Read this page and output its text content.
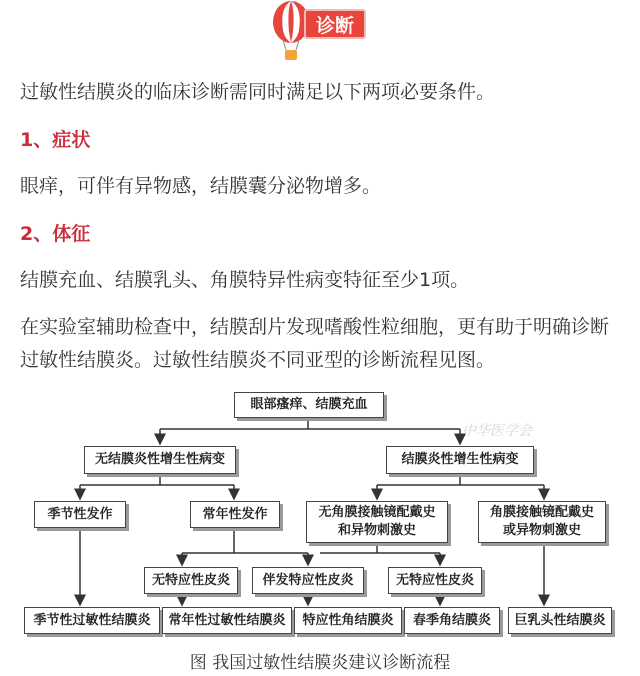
诊断

过敏性结膜炎的临床诊断需同时满足以下两项必要条件。

1、症状

眼痒，可伴有异物感，结膜囊分泌物增多。

2、体征

结膜充血、结膜乳头、角膜特异性病变特征至少1项。

在实验室辅助检查中，结膜刮片发现嗜酸性粒细胞，更有助于明确诊断过敏性结膜炎。过敏性结膜炎不同亚型的诊断流程见图。

中华医学会
眼部瘙痒、结膜充血
无结膜炎性增生性病变	结膜炎性增生性病变
季节性发作	常年性发作	无角膜接触镜配戴史
和异物刺激史
角膜接触镜配戴史
或异物刺激史
无特应性皮炎	伴发特应性皮炎	无特应性皮炎
季节性过敏性结膜炎	常年性过敏性结膜炎	特应性角结膜炎	春季角结膜炎	巨乳头性结膜炎
图 我国过敏性结膜炎建议诊断流程
